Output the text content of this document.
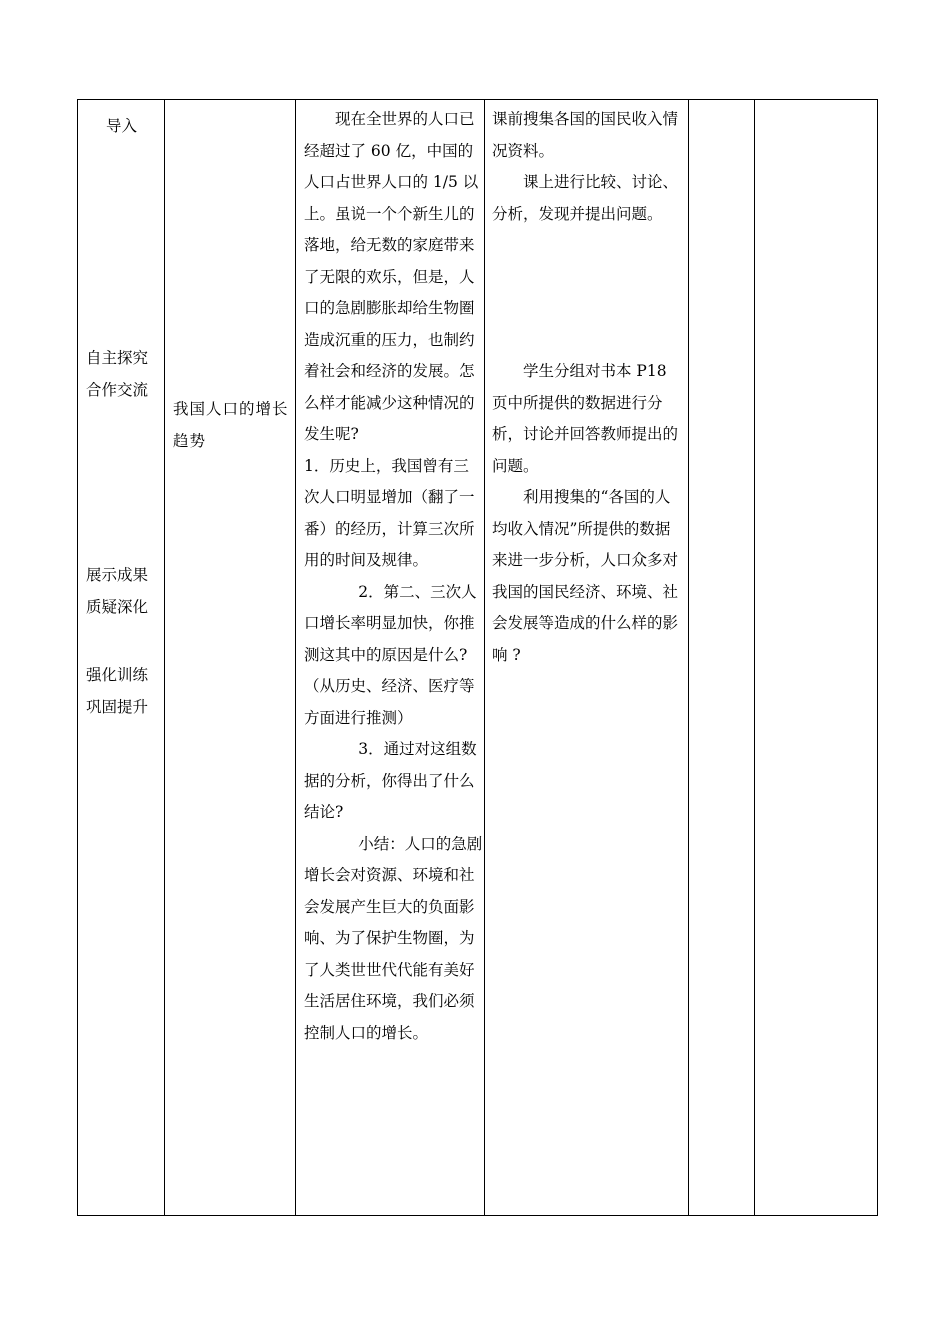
导入
自主探究
合作交流
展示成果
质疑深化
强化训练
巩固提升
我国人口的增长趋势

现在全世界的人口已经超过了 60 亿，中国的人口占世界人口的 1/5 以上。虽说一个个新生儿的落地，给无数的家庭带来了无限的欢乐，但是，人口的急剧膨胀却给生物圈造成沉重的压力，也制约着社会和经济的发展。怎么样才能减少这种情况的发生呢?

1．历史上，我国曾有三次人口明显增加（翻了一番）的经历，计算三次所用的时间及规律。

2．第二、三次人口增长率明显加快，你推测这其中的原因是什么?

（从历史、经济、医疗等方面进行推测）

3．通过对这组数据的分析，你得出了什么结论?

小结：人口的急剧增长会对资源、环境和社会发展产生巨大的负面影响、为了保护生物圈，为了人类世世代代能有美好生活居住环境，我们必须控制人口的增长。

课前搜集各国的国民收入情况资料。

课上进行比较、讨论、分析，发现并提出问题。

学生分组对书本 P18 页中所提供的数据进行分析，讨论并回答教师提出的问题。

利用搜集的“各国的人均收入情况”所提供的数据来进一步分析，人口众多对我国的国民经济、环境、社会发展等造成的什么样的影响 ?
